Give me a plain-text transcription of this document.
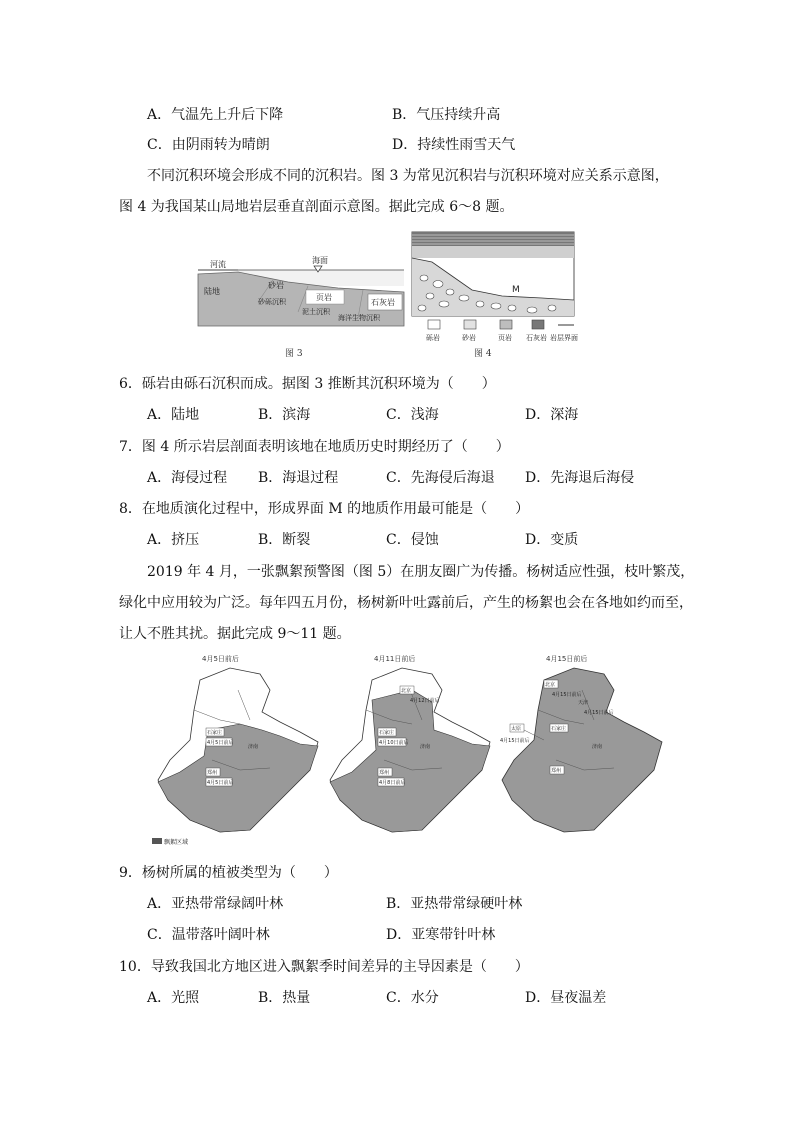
A．气温先上升后下降	B．气压持续升高
C．由阴雨转为晴朗	D．持续性雨雪天气
不同沉积环境会形成不同的沉积岩。图 3 为常见沉积岩与沉积环境对应关系示意图，
图 4 为我国某山局地岩层垂直剖面示意图。据此完成 6～8 题。
河流	海面
陆地
砂岩
砂砾沉积	页岩
泥土沉积
石灰岩
海洋生物沉积
图 3
M
砾岩	砂岩	页岩 石灰岩 岩层界面
图 4
6．砾岩由砾石沉积而成。据图 3 推断其沉积环境为（　　）
A．陆地	B．滨海	C．浅海	D．深海
7．图 4 所示岩层剖面表明该地在地质历史时期经历了（　　）
A．海侵过程 B．海退过程	C．先海侵后海退 D．先海退后海侵
8．在地质演化过程中，形成界面 M 的地质作用最可能是（　　）
A．挤压	B．断裂	C．侵蚀	D．变质
2019 年 4 月，一张飘絮预警图（图 5）在朋友圈广为传播。杨树适应性强，枝叶繁茂，
绿化中应用较为广泛。每年四五月份，杨树新叶吐露前后，产生的杨絮也会在各地如约而至，
让人不胜其扰。据此完成 9～11 题。
4月5日前后
石家庄
4月5日前后
济南
郑州
4月5日前后
4月11日前后
北京
4月12日前后
石家庄
4月10日前后
济南
郑州
4月8日前后
4月15日前后
北京
4月15日前后
天津
4月15日前后
石家庄
太原
4月15日前后
郑州
济南
飘絮区域
9．杨树所属的植被类型为（　　）
A．亚热带常绿阔叶林	B．亚热带常绿硬叶林
C．温带落叶阔叶林	D．亚寒带针叶林
10．导致我国北方地区进入飘絮季时间差异的主导因素是（　　）
A．光照	B．热量	C．水分	D．昼夜温差
